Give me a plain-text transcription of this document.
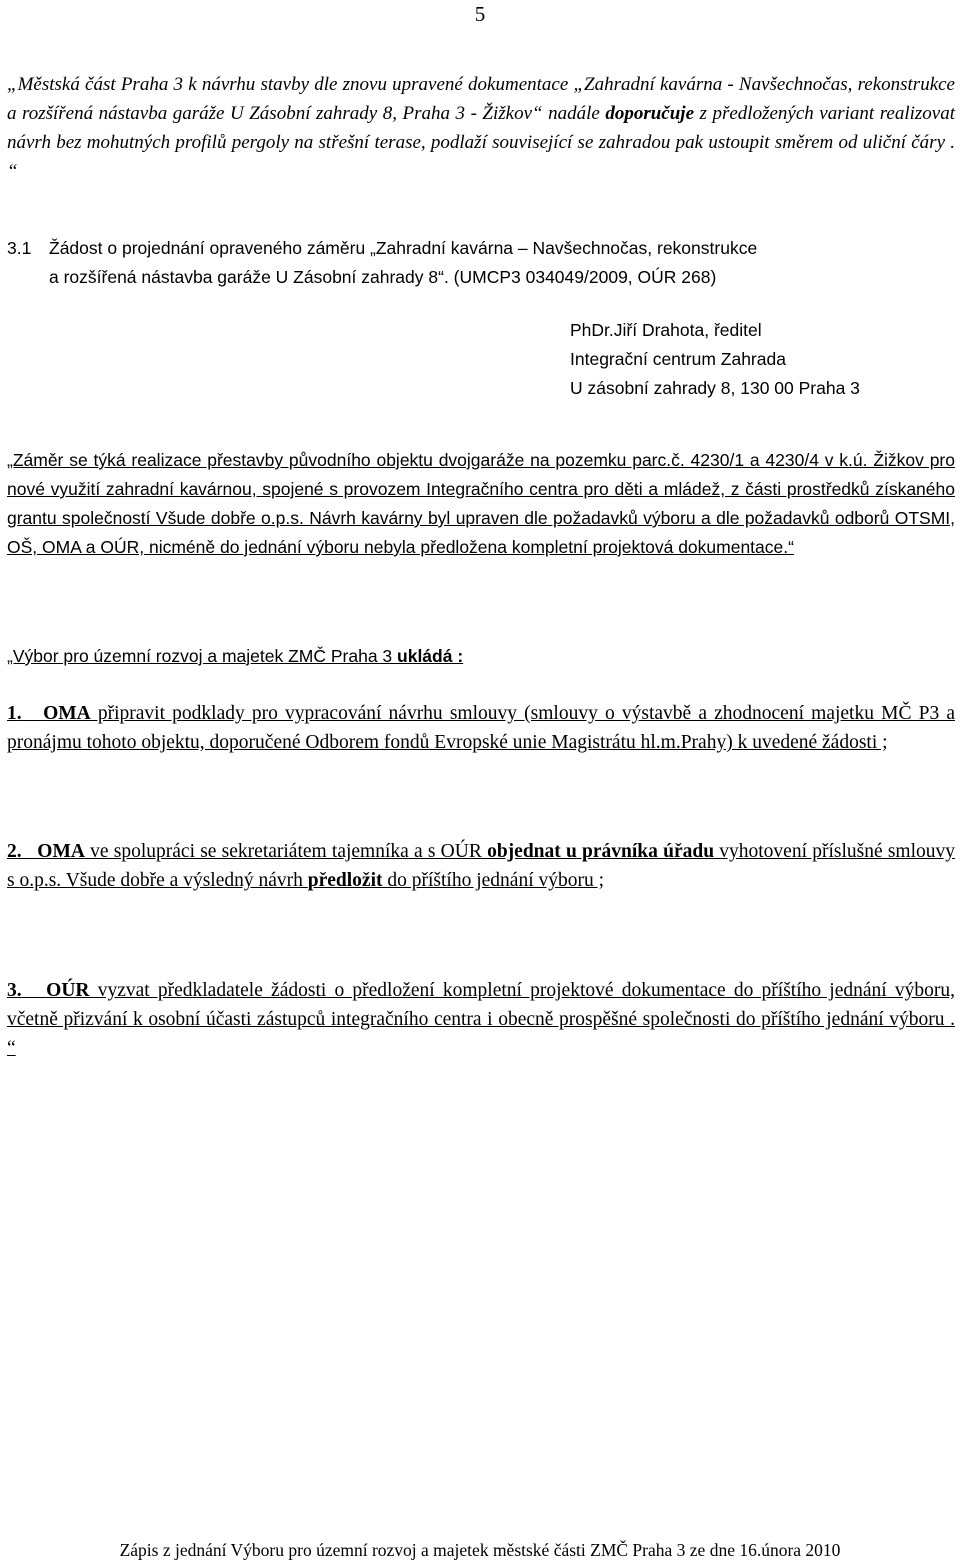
5

„Městská část Praha 3 k návrhu stavby dle znovu upravené dokumentace „Zahradní kavárna - Navšechnočas, rekonstrukce a rozšířená nástavba garáže U Zásobní zahrady 8, Praha 3 - Žižkov“ nadále doporučuje z předložených variant realizovat návrh bez mohutných profilů pergoly na střešní terase, podlaží související se zahradou pak ustoupit směrem od uliční čáry . “

3.1 Žádost o projednání opraveného záměru „Zahradní kavárna – Navšechnočas, rekonstrukce
a rozšířená nástavba garáže U Zásobní zahrady 8“. (UMCP3 034049/2009, OÚR 268)
PhDr.Jiří Drahota, ředitel
Integrační centrum Zahrada
U zásobní zahrady 8, 130 00 Praha 3

„Záměr se týká realizace přestavby původního objektu dvojgaráže na pozemku parc.č. 4230/1 a 4230/4 v k.ú. Žižkov pro nové využití zahradní kavárnou, spojené s provozem Integračního centra pro děti a mládež, z části prostředků získaného grantu společností Všude dobře o.p.s. Návrh kavárny byl upraven dle požadavků výboru a dle požadavků odborů OTSMI, OŠ, OMA a OÚR, nicméně do jednání výboru nebyla předložena kompletní projektová dokumentace.“

„Výbor pro územní rozvoj a majetek ZMČ Praha 3 ukládá :

1. OMA připravit podklady pro vypracování návrhu smlouvy (smlouvy o výstavbě a zhodnocení majetku MČ P3 a pronájmu tohoto objektu, doporučené Odborem fondů Evropské unie Magistrátu hl.m.Prahy) k uvedené žádosti ;

2. OMA ve spolupráci se sekretariátem tajemníka a s OÚR objednat u právníka úřadu vyhotovení příslušné smlouvy s o.p.s. Všude dobře a výsledný návrh předložit do příštího jednání výboru ;

3. OÚR vyzvat předkladatele žádosti o předložení kompletní projektové dokumentace do příštího jednání výboru, včetně přizvání k osobní účasti zástupců integračního centra i obecně prospěšné společnosti do příštího jednání výboru . “

Zápis z jednání Výboru pro územní rozvoj a majetek městské části ZMČ Praha 3 ze dne 16.února 2010
